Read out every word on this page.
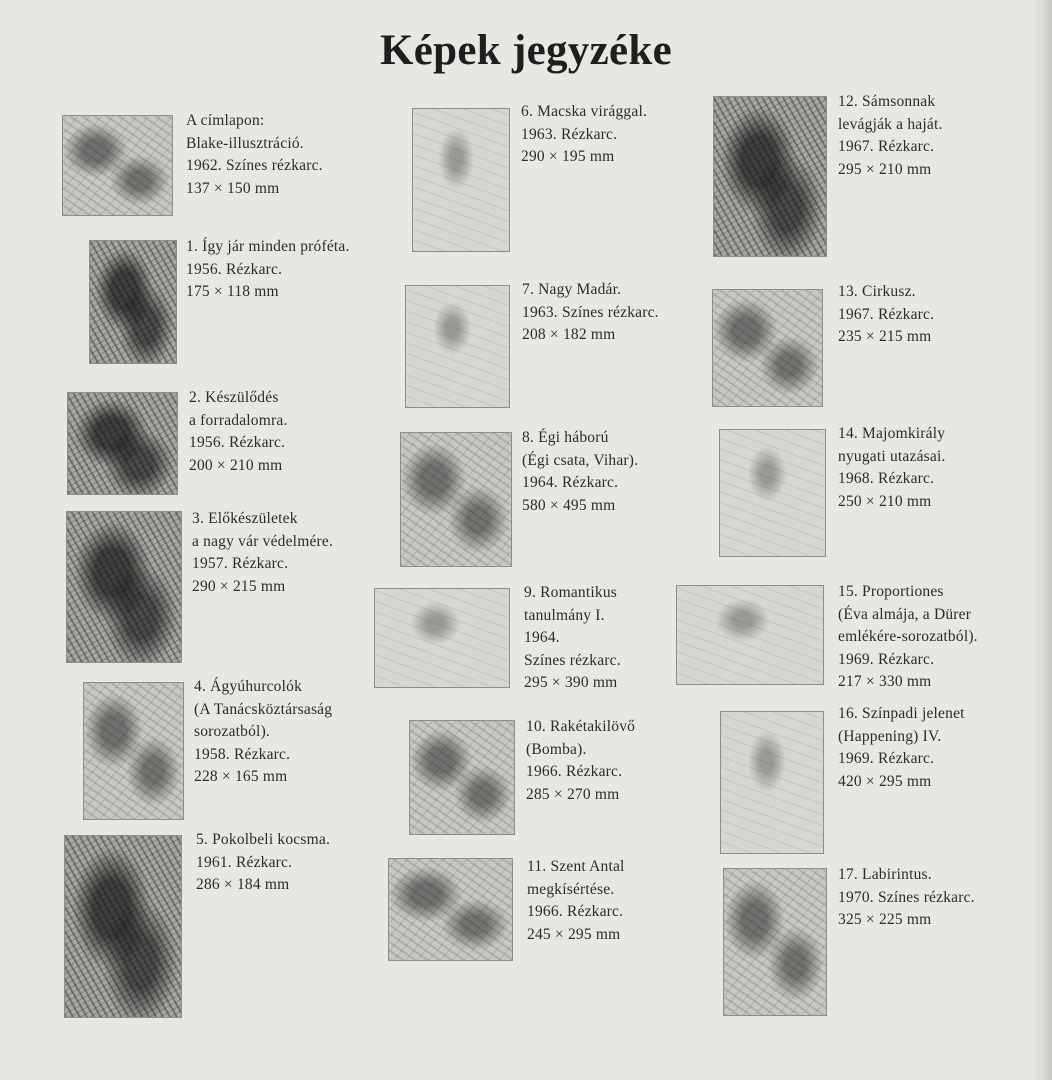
Képek jegyzéke
A címlapon:
Blake-illusztráció.
1962. Színes rézkarc.
137 × 150 mm
1. Így jár minden próféta.
1956. Rézkarc.
175 × 118 mm
2. Készülődés
a forradalomra.
1956. Rézkarc.
200 × 210 mm
3. Előkészületek
a nagy vár védelmére.
1957. Rézkarc.
290 × 215 mm
4. Ágyúhurcolók
(A Tanácsköztársaság
sorozatból).
1958. Rézkarc.
228 × 165 mm
5. Pokolbeli kocsma.
1961. Rézkarc.
286 × 184 mm
6. Macska virággal.
1963. Rézkarc.
290 × 195 mm
7. Nagy Madár.
1963. Színes rézkarc.
208 × 182 mm
8. Égi háború
(Égi csata, Vihar).
1964. Rézkarc.
580 × 495 mm
9. Romantikus
tanulmány I.
1964.
Színes rézkarc.
295 × 390 mm
10. Rakétakilövő
(Bomba).
1966. Rézkarc.
285 × 270 mm
11. Szent Antal
megkísértése.
1966. Rézkarc.
245 × 295 mm
12. Sámsonnak
levágják a haját.
1967. Rézkarc.
295 × 210 mm
13. Cirkusz.
1967. Rézkarc.
235 × 215 mm
14. Majomkirály
nyugati utazásai.
1968. Rézkarc.
250 × 210 mm
15. Proportiones
(Éva almája, a Dürer
emlékére-sorozatból).
1969. Rézkarc.
217 × 330 mm
16. Színpadi jelenet
(Happening) IV.
1969. Rézkarc.
420 × 295 mm
17. Labirintus.
1970. Színes rézkarc.
325 × 225 mm
